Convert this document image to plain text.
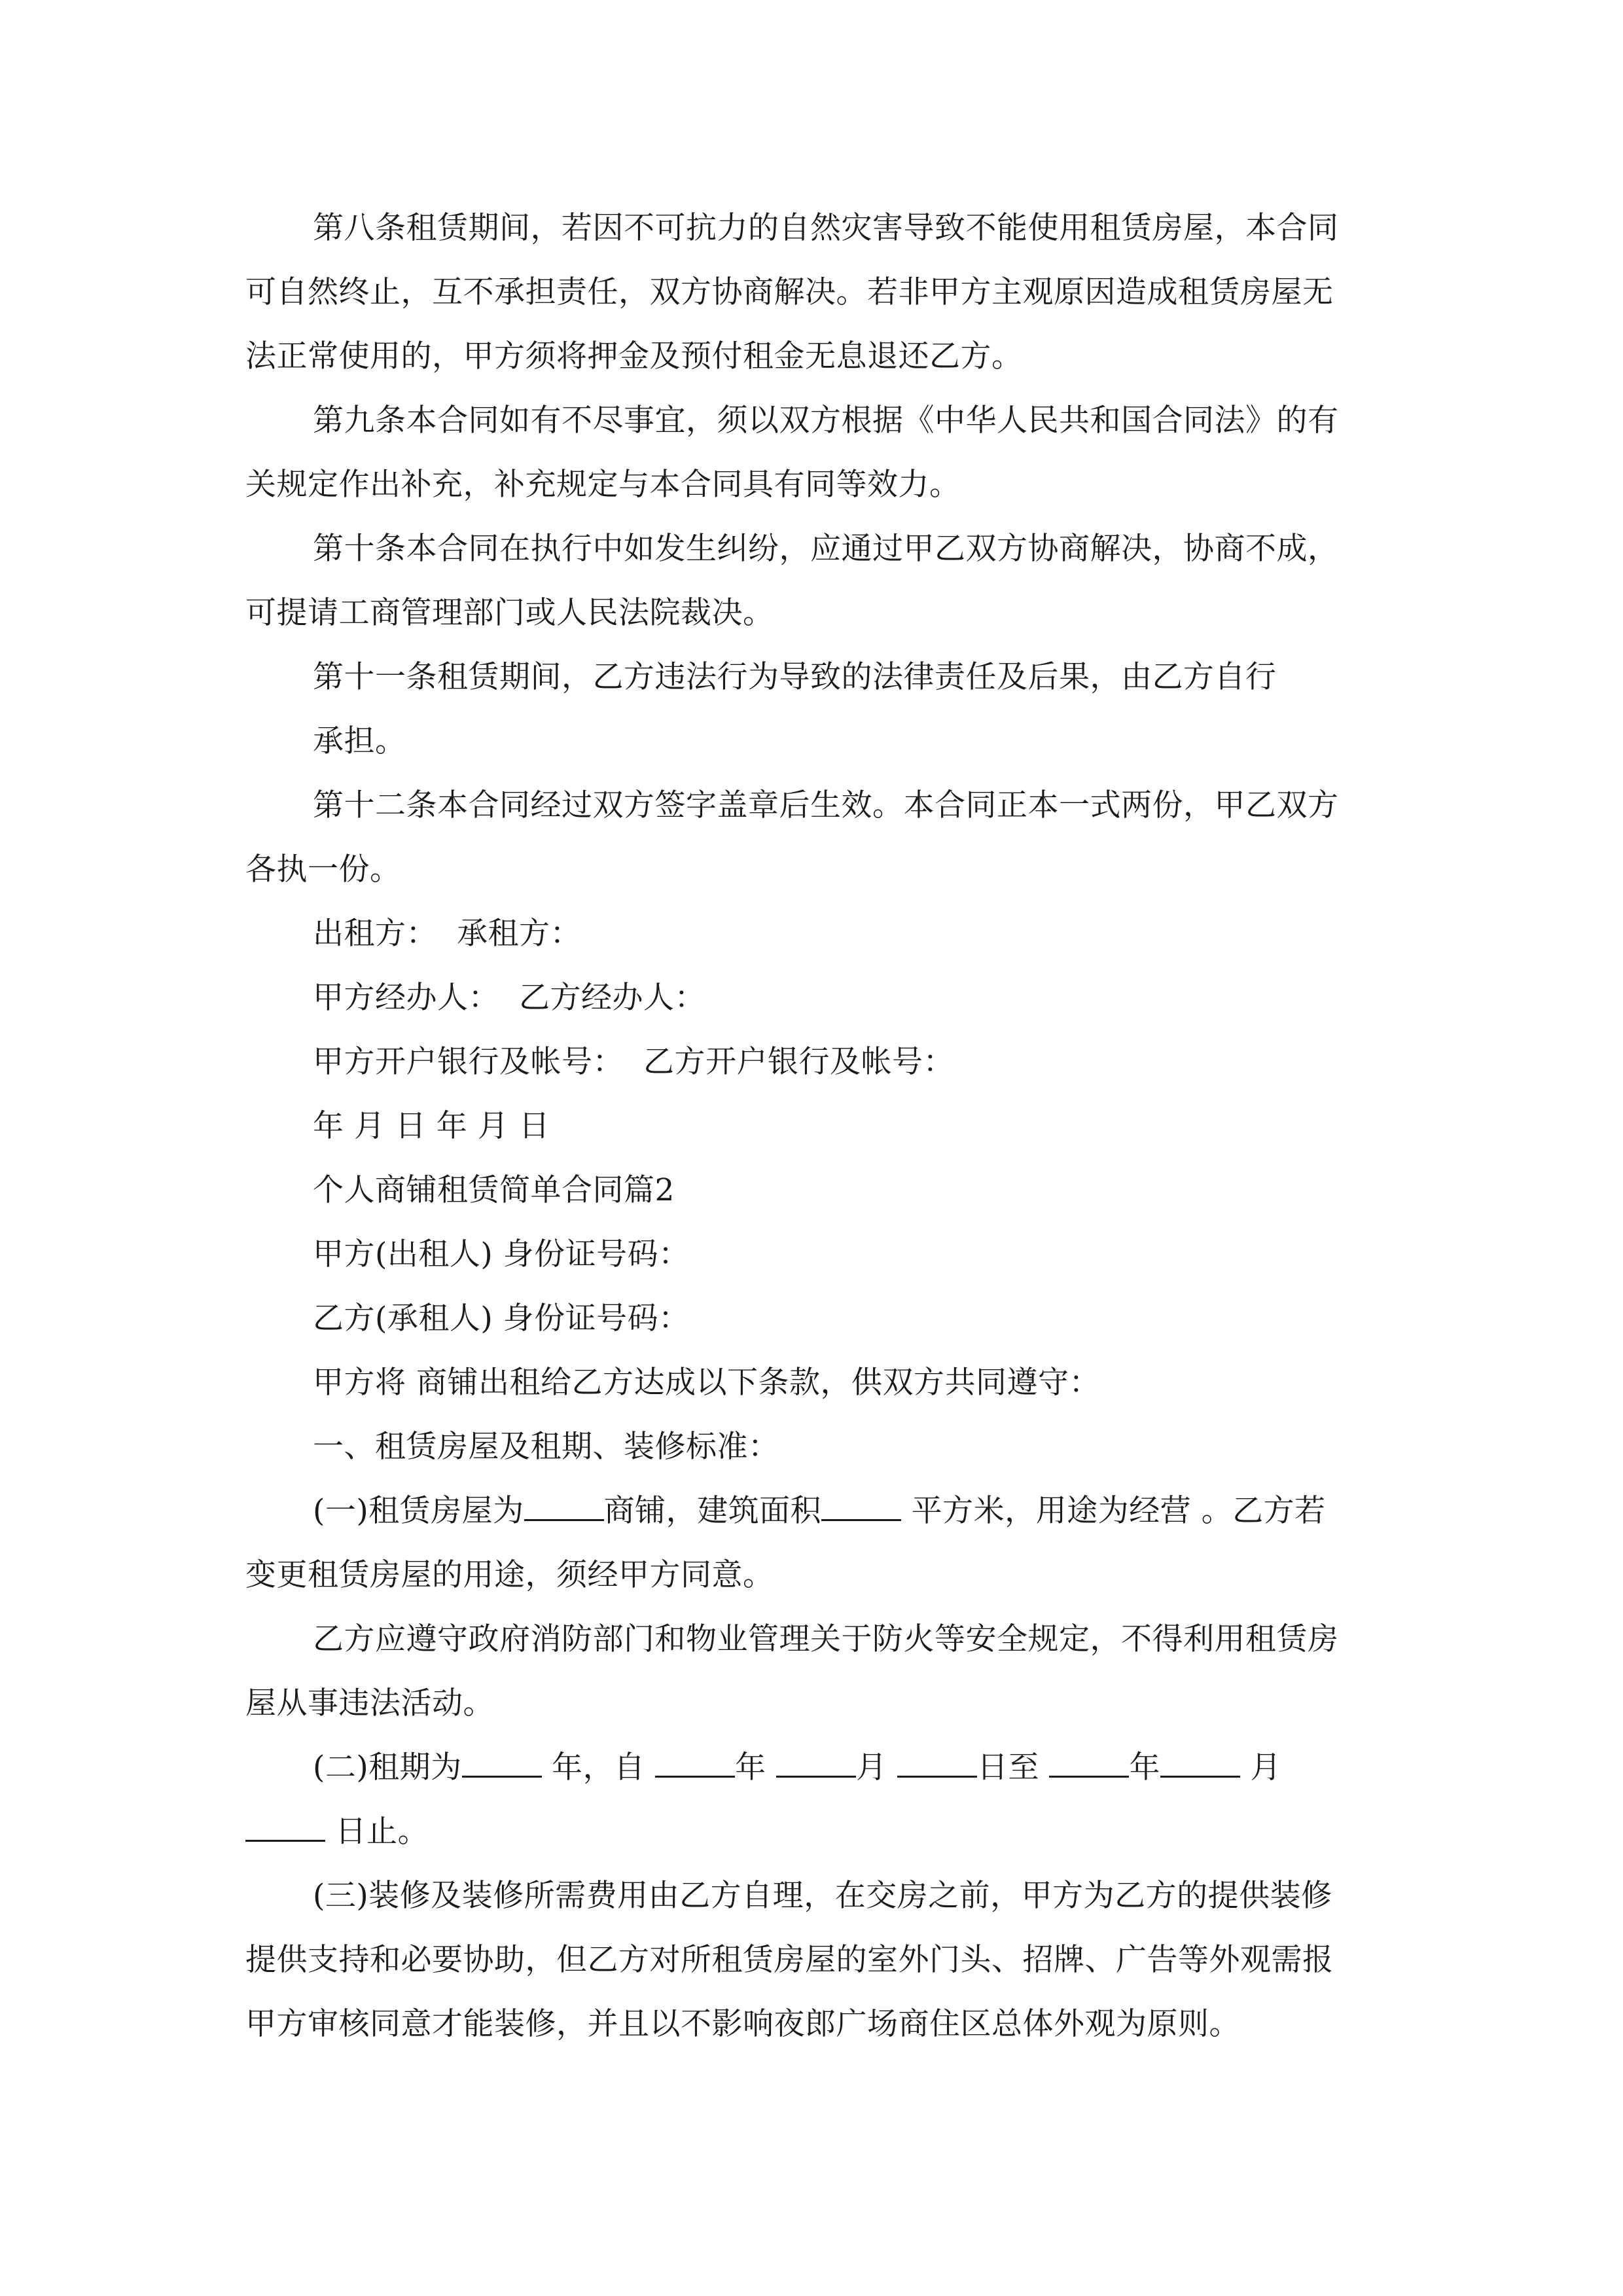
第八条租赁期间，若因不可抗力的自然灾害导致不能使用租赁房屋，本合同

可自然终止，互不承担责任，双方协商解决。若非甲方主观原因造成租赁房屋无

法正常使用的，甲方须将押金及预付租金无息退还乙方。

第九条本合同如有不尽事宜，须以双方根据《中华人民共和国合同法》的有

关规定作出补充，补充规定与本合同具有同等效力。

第十条本合同在执行中如发生纠纷，应通过甲乙双方协商解决，协商不成，

可提请工商管理部门或人民法院裁决。

第十一条租赁期间，乙方违法行为导致的法律责任及后果，由乙方自行

承担。

第十二条本合同经过双方签字盖章后生效。本合同正本一式两份，甲乙双方

各执一份。

出租方： 承租方：

甲方经办人： 乙方经办人：

甲方开户银行及帐号： 乙方开户银行及帐号：

年 月 日 年 月 日

个人商铺租赁简单合同篇2

甲方(出租人) 身份证号码：

乙方(承租人) 身份证号码：

甲方将 商铺出租给乙方达成以下条款，供双方共同遵守：

一、租赁房屋及租期、装修标准：

(一)租赁房屋为	商铺，建筑面积	平方米，用途为经营 。乙方若

变更租赁房屋的用途，须经甲方同意。

乙方应遵守政府消防部门和物业管理关于防火等安全规定，不得利用租赁房

屋从事违法活动。

(二)租期为	年，自	年	月	日至	年	月

日止。

(三)装修及装修所需费用由乙方自理，在交房之前，甲方为乙方的提供装修

提供支持和必要协助，但乙方对所租赁房屋的室外门头、招牌、广告等外观需报

甲方审核同意才能装修，并且以不影响夜郎广场商住区总体外观为原则。
